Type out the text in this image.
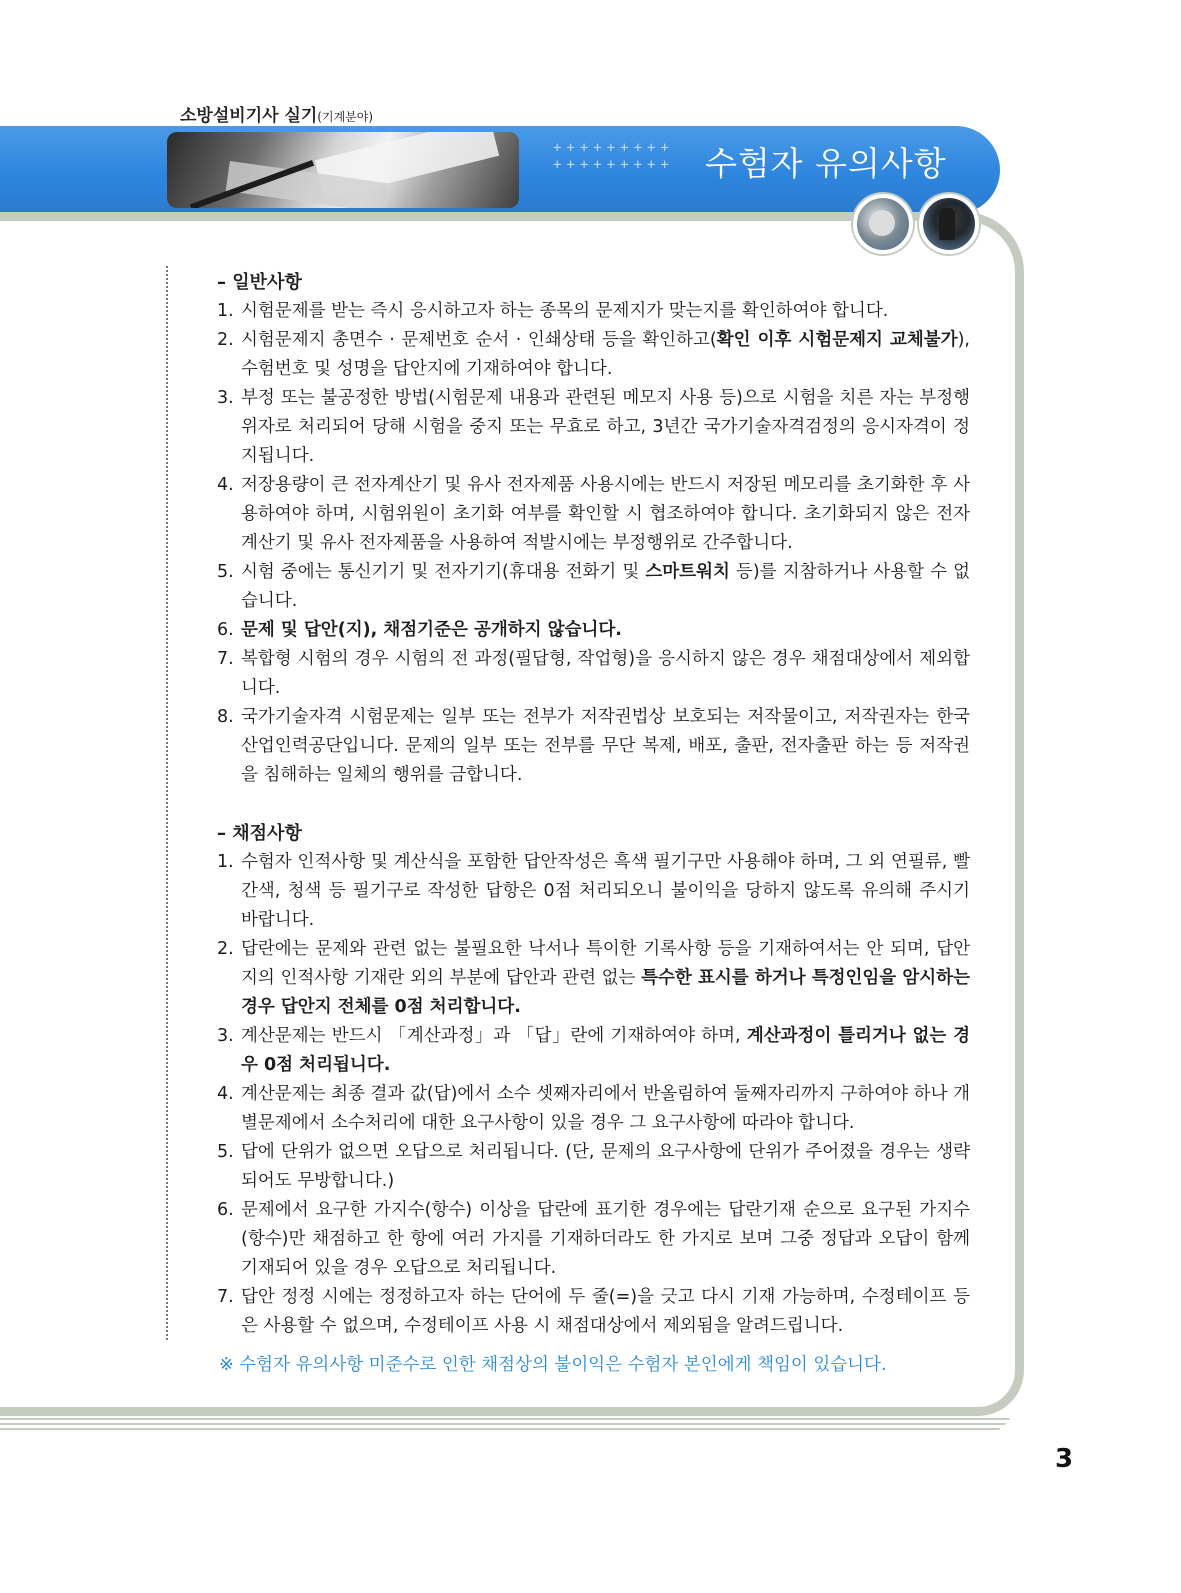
소방설비기사 실기(기계분야)
+++++++++
+++++++++ 수험자 유의사항
– 일반사항
1. 시험문제를 받는 즉시 응시하고자 하는 종목의 문제지가 맞는지를 확인하여야 합니다.
2. 시험문제지 총면수 · 문제번호 순서 · 인쇄상태 등을 확인하고(확인 이후 시험문제지 교체불가), 수험번호 및 성명을 답안지에 기재하여야 합니다.
3. 부정 또는 불공정한 방법(시험문제 내용과 관련된 메모지 사용 등)으로 시험을 치른 자는 부정행위자로 처리되어 당해 시험을 중지 또는 무효로 하고, 3년간 국가기술자격검정의 응시자격이 정지됩니다.
4. 저장용량이 큰 전자계산기 및 유사 전자제품 사용시에는 반드시 저장된 메모리를 초기화한 후 사용하여야 하며, 시험위원이 초기화 여부를 확인할 시 협조하여야 합니다. 초기화되지 않은 전자계산기 및 유사 전자제품을 사용하여 적발시에는 부정행위로 간주합니다.
5. 시험 중에는 통신기기 및 전자기기(휴대용 전화기 및 스마트워치 등)를 지참하거나 사용할 수 없습니다.
6. 문제 및 답안(지), 채점기준은 공개하지 않습니다.
7. 복합형 시험의 경우 시험의 전 과정(필답형, 작업형)을 응시하지 않은 경우 채점대상에서 제외합니다.
8. 국가기술자격 시험문제는 일부 또는 전부가 저작권법상 보호되는 저작물이고, 저작권자는 한국산업인력공단입니다. 문제의 일부 또는 전부를 무단 복제, 배포, 출판, 전자출판 하는 등 저작권을 침해하는 일체의 행위를 금합니다.
– 채점사항
1. 수험자 인적사항 및 계산식을 포함한 답안작성은 흑색 필기구만 사용해야 하며, 그 외 연필류, 빨간색, 청색 등 필기구로 작성한 답항은 0점 처리되오니 불이익을 당하지 않도록 유의해 주시기 바랍니다.
2. 답란에는 문제와 관련 없는 불필요한 낙서나 특이한 기록사항 등을 기재하여서는 안 되며, 답안지의 인적사항 기재란 외의 부분에 답안과 관련 없는 특수한 표시를 하거나 특정인임을 암시하는 경우 답안지 전체를 0점 처리합니다.
3. 계산문제는 반드시 「계산과정」과 「답」란에 기재하여야 하며, 계산과정이 틀리거나 없는 경우 0점 처리됩니다.
4. 계산문제는 최종 결과 값(답)에서 소수 셋째자리에서 반올림하여 둘째자리까지 구하여야 하나 개별문제에서 소수처리에 대한 요구사항이 있을 경우 그 요구사항에 따라야 합니다.
5. 답에 단위가 없으면 오답으로 처리됩니다. (단, 문제의 요구사항에 단위가 주어졌을 경우는 생략되어도 무방합니다.)
6. 문제에서 요구한 가지수(항수) 이상을 답란에 표기한 경우에는 답란기재 순으로 요구된 가지수(항수)만 채점하고 한 항에 여러 가지를 기재하더라도 한 가지로 보며 그중 정답과 오답이 함께 기재되어 있을 경우 오답으로 처리됩니다.
7. 답안 정정 시에는 정정하고자 하는 단어에 두 줄(=)을 긋고 다시 기재 가능하며, 수정테이프 등은 사용할 수 없으며, 수정테이프 사용 시 채점대상에서 제외됨을 알려드립니다.
※ 수험자 유의사항 미준수로 인한 채점상의 불이익은 수험자 본인에게 책임이 있습니다.
3
